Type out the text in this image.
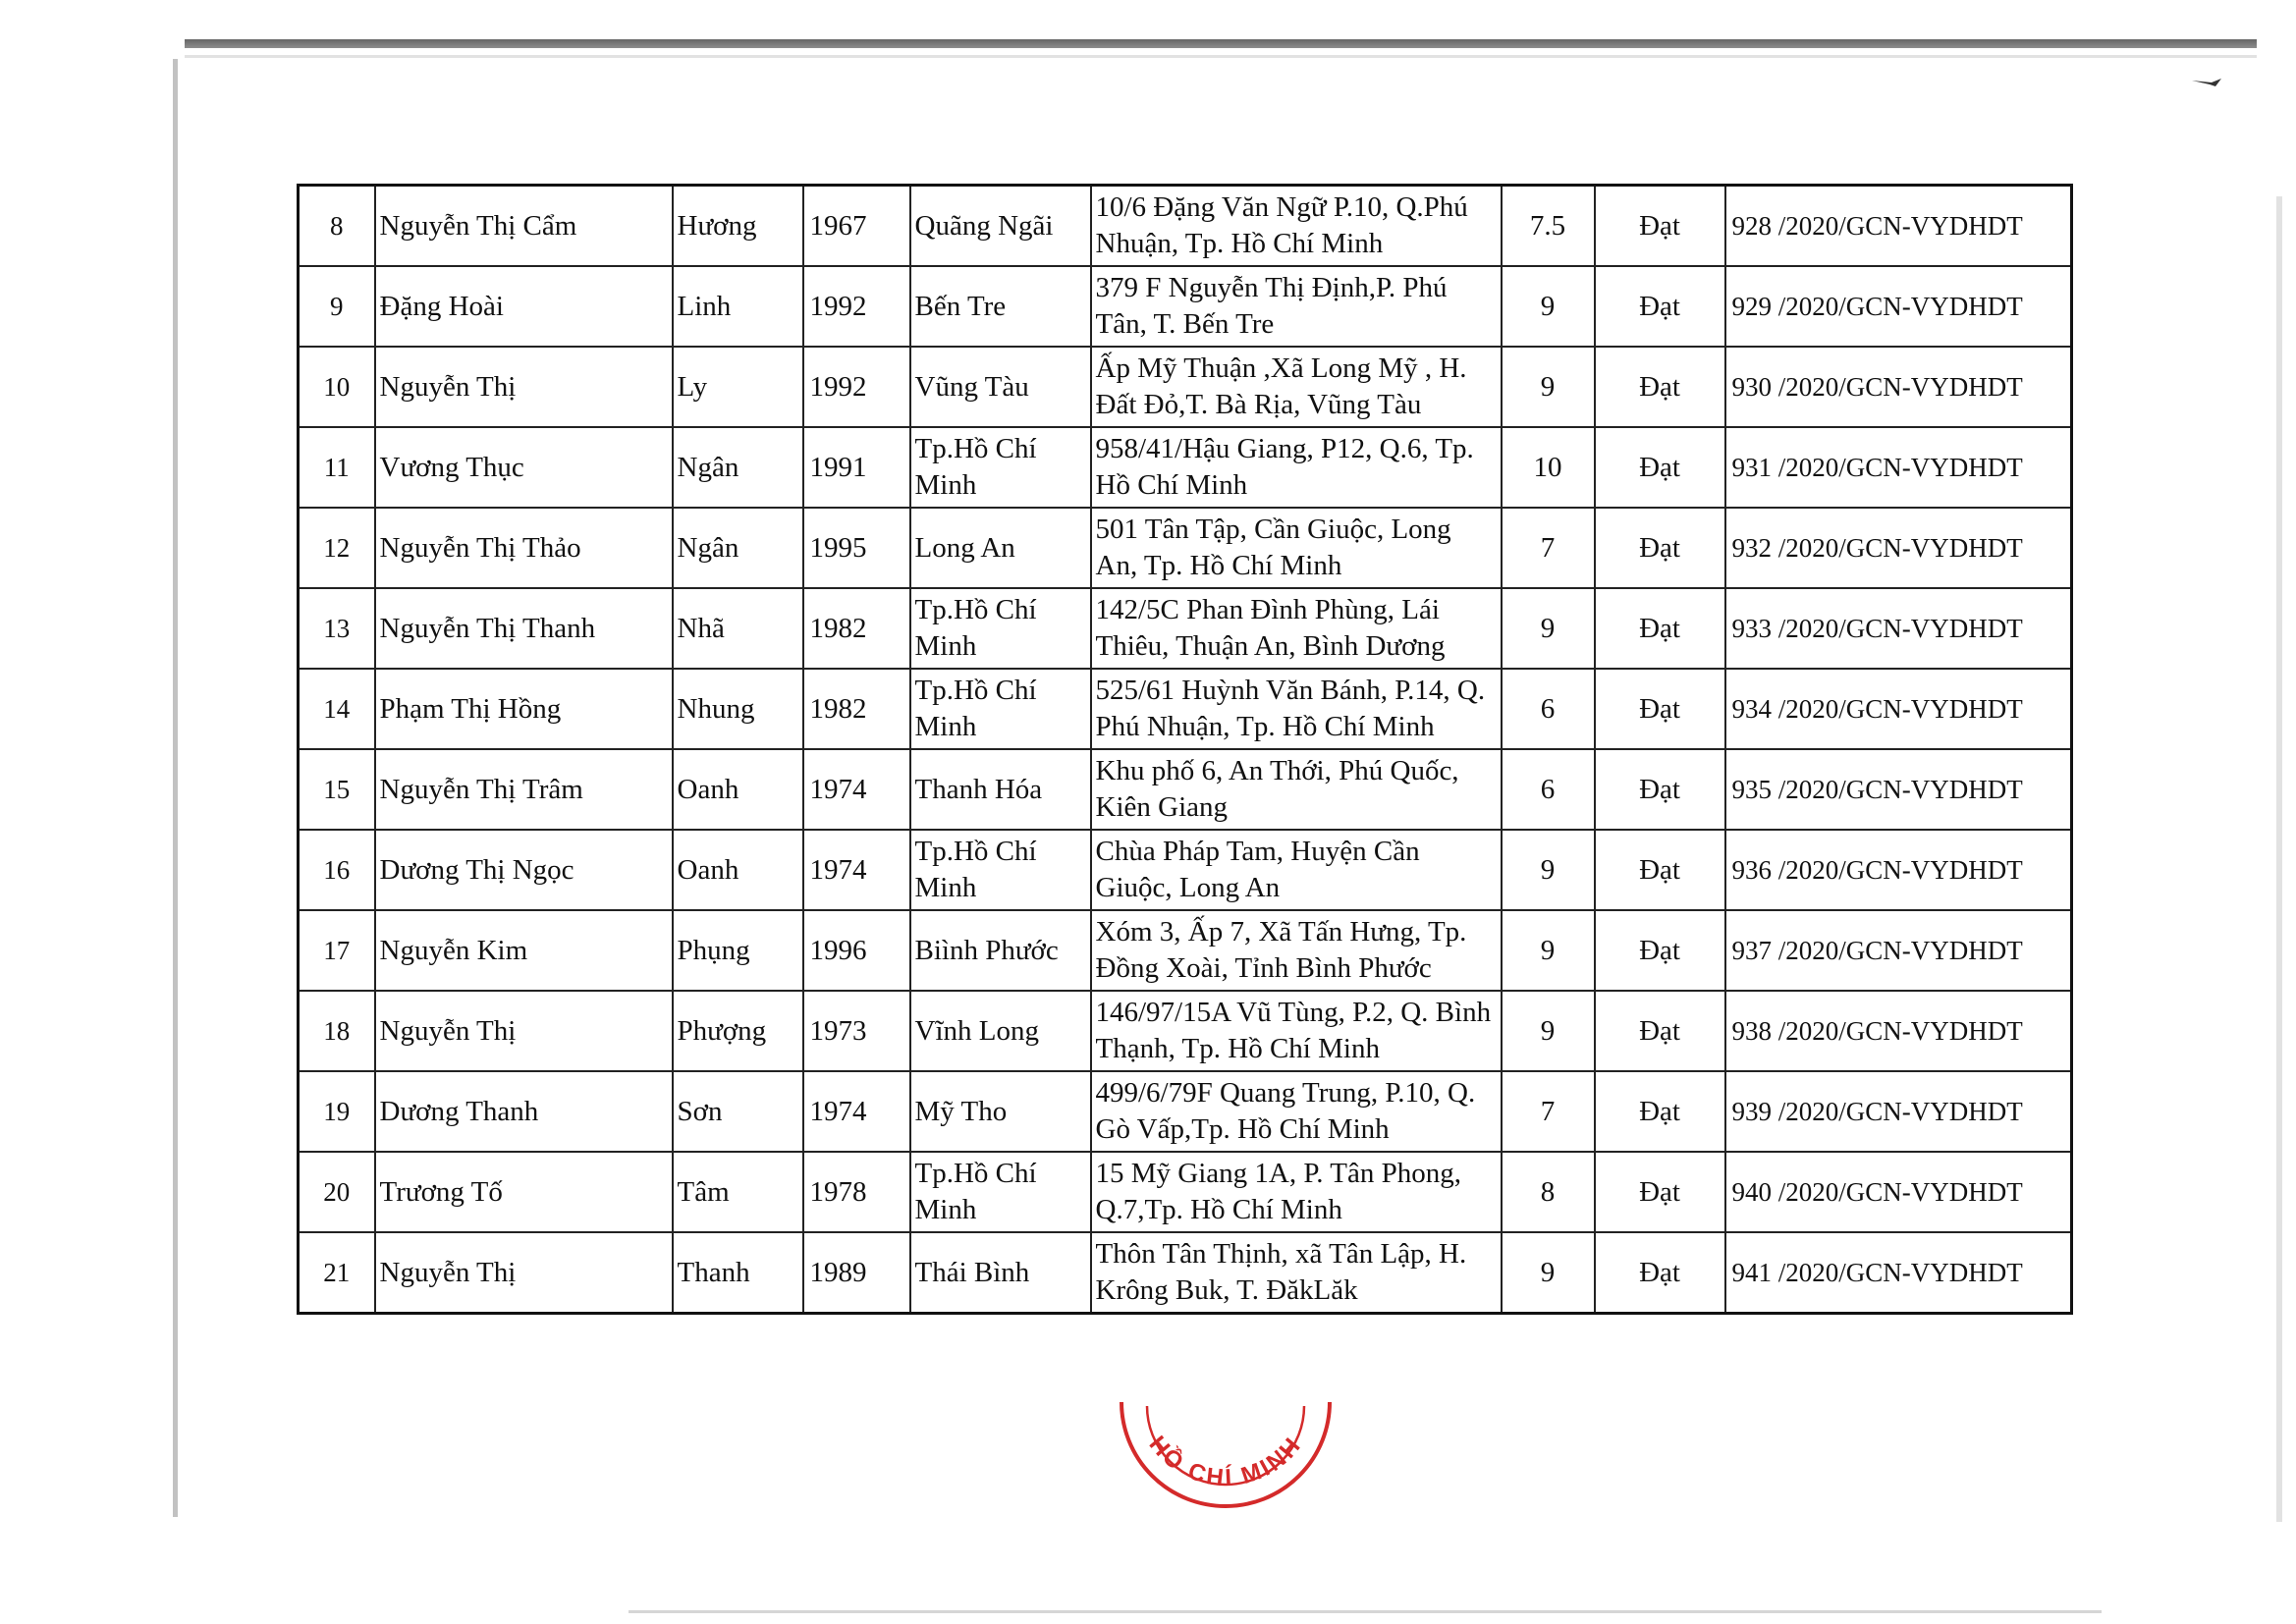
8	Nguyễn Thị Cẩm	Hương	1967	Quãng Ngãi	10/6 Đặng Văn Ngữ P.10, Q.Phú Nhuận, Tp. Hồ Chí Minh	7.5	Đạt	928 /2020/GCN-VYDHDT
9	Đặng Hoài	Linh	1992	Bến Tre	379 F Nguyễn Thị Định,P. Phú Tân, T. Bến Tre	9	Đạt	929 /2020/GCN-VYDHDT
10	Nguyễn Thị	Ly	1992	Vũng Tàu	Ấp Mỹ Thuận ,Xã Long Mỹ , H. Đất Đỏ,T. Bà Rịa, Vũng Tàu	9	Đạt	930 /2020/GCN-VYDHDT
11	Vương Thục	Ngân	1991	Tp.Hồ Chí Minh	958/41/Hậu Giang, P12, Q.6, Tp. Hồ Chí Minh	10	Đạt	931 /2020/GCN-VYDHDT
12	Nguyễn Thị Thảo	Ngân	1995	Long An	501 Tân Tập, Cần Giuộc, Long An, Tp. Hồ Chí Minh	7	Đạt	932 /2020/GCN-VYDHDT
13	Nguyễn Thị Thanh	Nhã	1982	Tp.Hồ Chí Minh	142/5C Phan Đình Phùng, Lái Thiêu, Thuận An, Bình Dương	9	Đạt	933 /2020/GCN-VYDHDT
14	Phạm Thị Hồng	Nhung	1982	Tp.Hồ Chí Minh	525/61 Huỳnh Văn Bánh, P.14, Q. Phú Nhuận, Tp. Hồ Chí Minh	6	Đạt	934 /2020/GCN-VYDHDT
15	Nguyễn Thị Trâm	Oanh	1974	Thanh Hóa	Khu phố 6, An Thới, Phú Quốc, Kiên Giang	6	Đạt	935 /2020/GCN-VYDHDT
16	Dương Thị Ngọc	Oanh	1974	Tp.Hồ Chí Minh	Chùa Pháp Tam, Huyện Cần Giuộc, Long An	9	Đạt	936 /2020/GCN-VYDHDT
17	Nguyễn Kim	Phụng	1996	Biình Phước	Xóm 3, Ấp 7, Xã Tấn Hưng, Tp. Đồng Xoài, Tỉnh Bình Phước	9	Đạt	937 /2020/GCN-VYDHDT
18	Nguyễn Thị	Phượng	1973	Vĩnh Long	146/97/15A Vũ Tùng, P.2, Q. Bình Thạnh, Tp. Hồ Chí Minh	9	Đạt	938 /2020/GCN-VYDHDT
19	Dương Thanh	Sơn	1974	Mỹ Tho	499/6/79F Quang Trung, P.10, Q. Gò Vấp,Tp. Hồ Chí Minh	7	Đạt	939 /2020/GCN-VYDHDT
20	Trương Tố	Tâm	1978	Tp.Hồ Chí Minh	15 Mỹ Giang 1A, P. Tân Phong, Q.7,Tp. Hồ Chí Minh	8	Đạt	940 /2020/GCN-VYDHDT
21	Nguyễn Thị	Thanh	1989	Thái Bình	Thôn Tân Thịnh, xã Tân Lập, H. Krông Buk, T. ĐăkLăk	9	Đạt	941 /2020/GCN-VYDHDT
HỒ CHÍ MINH
